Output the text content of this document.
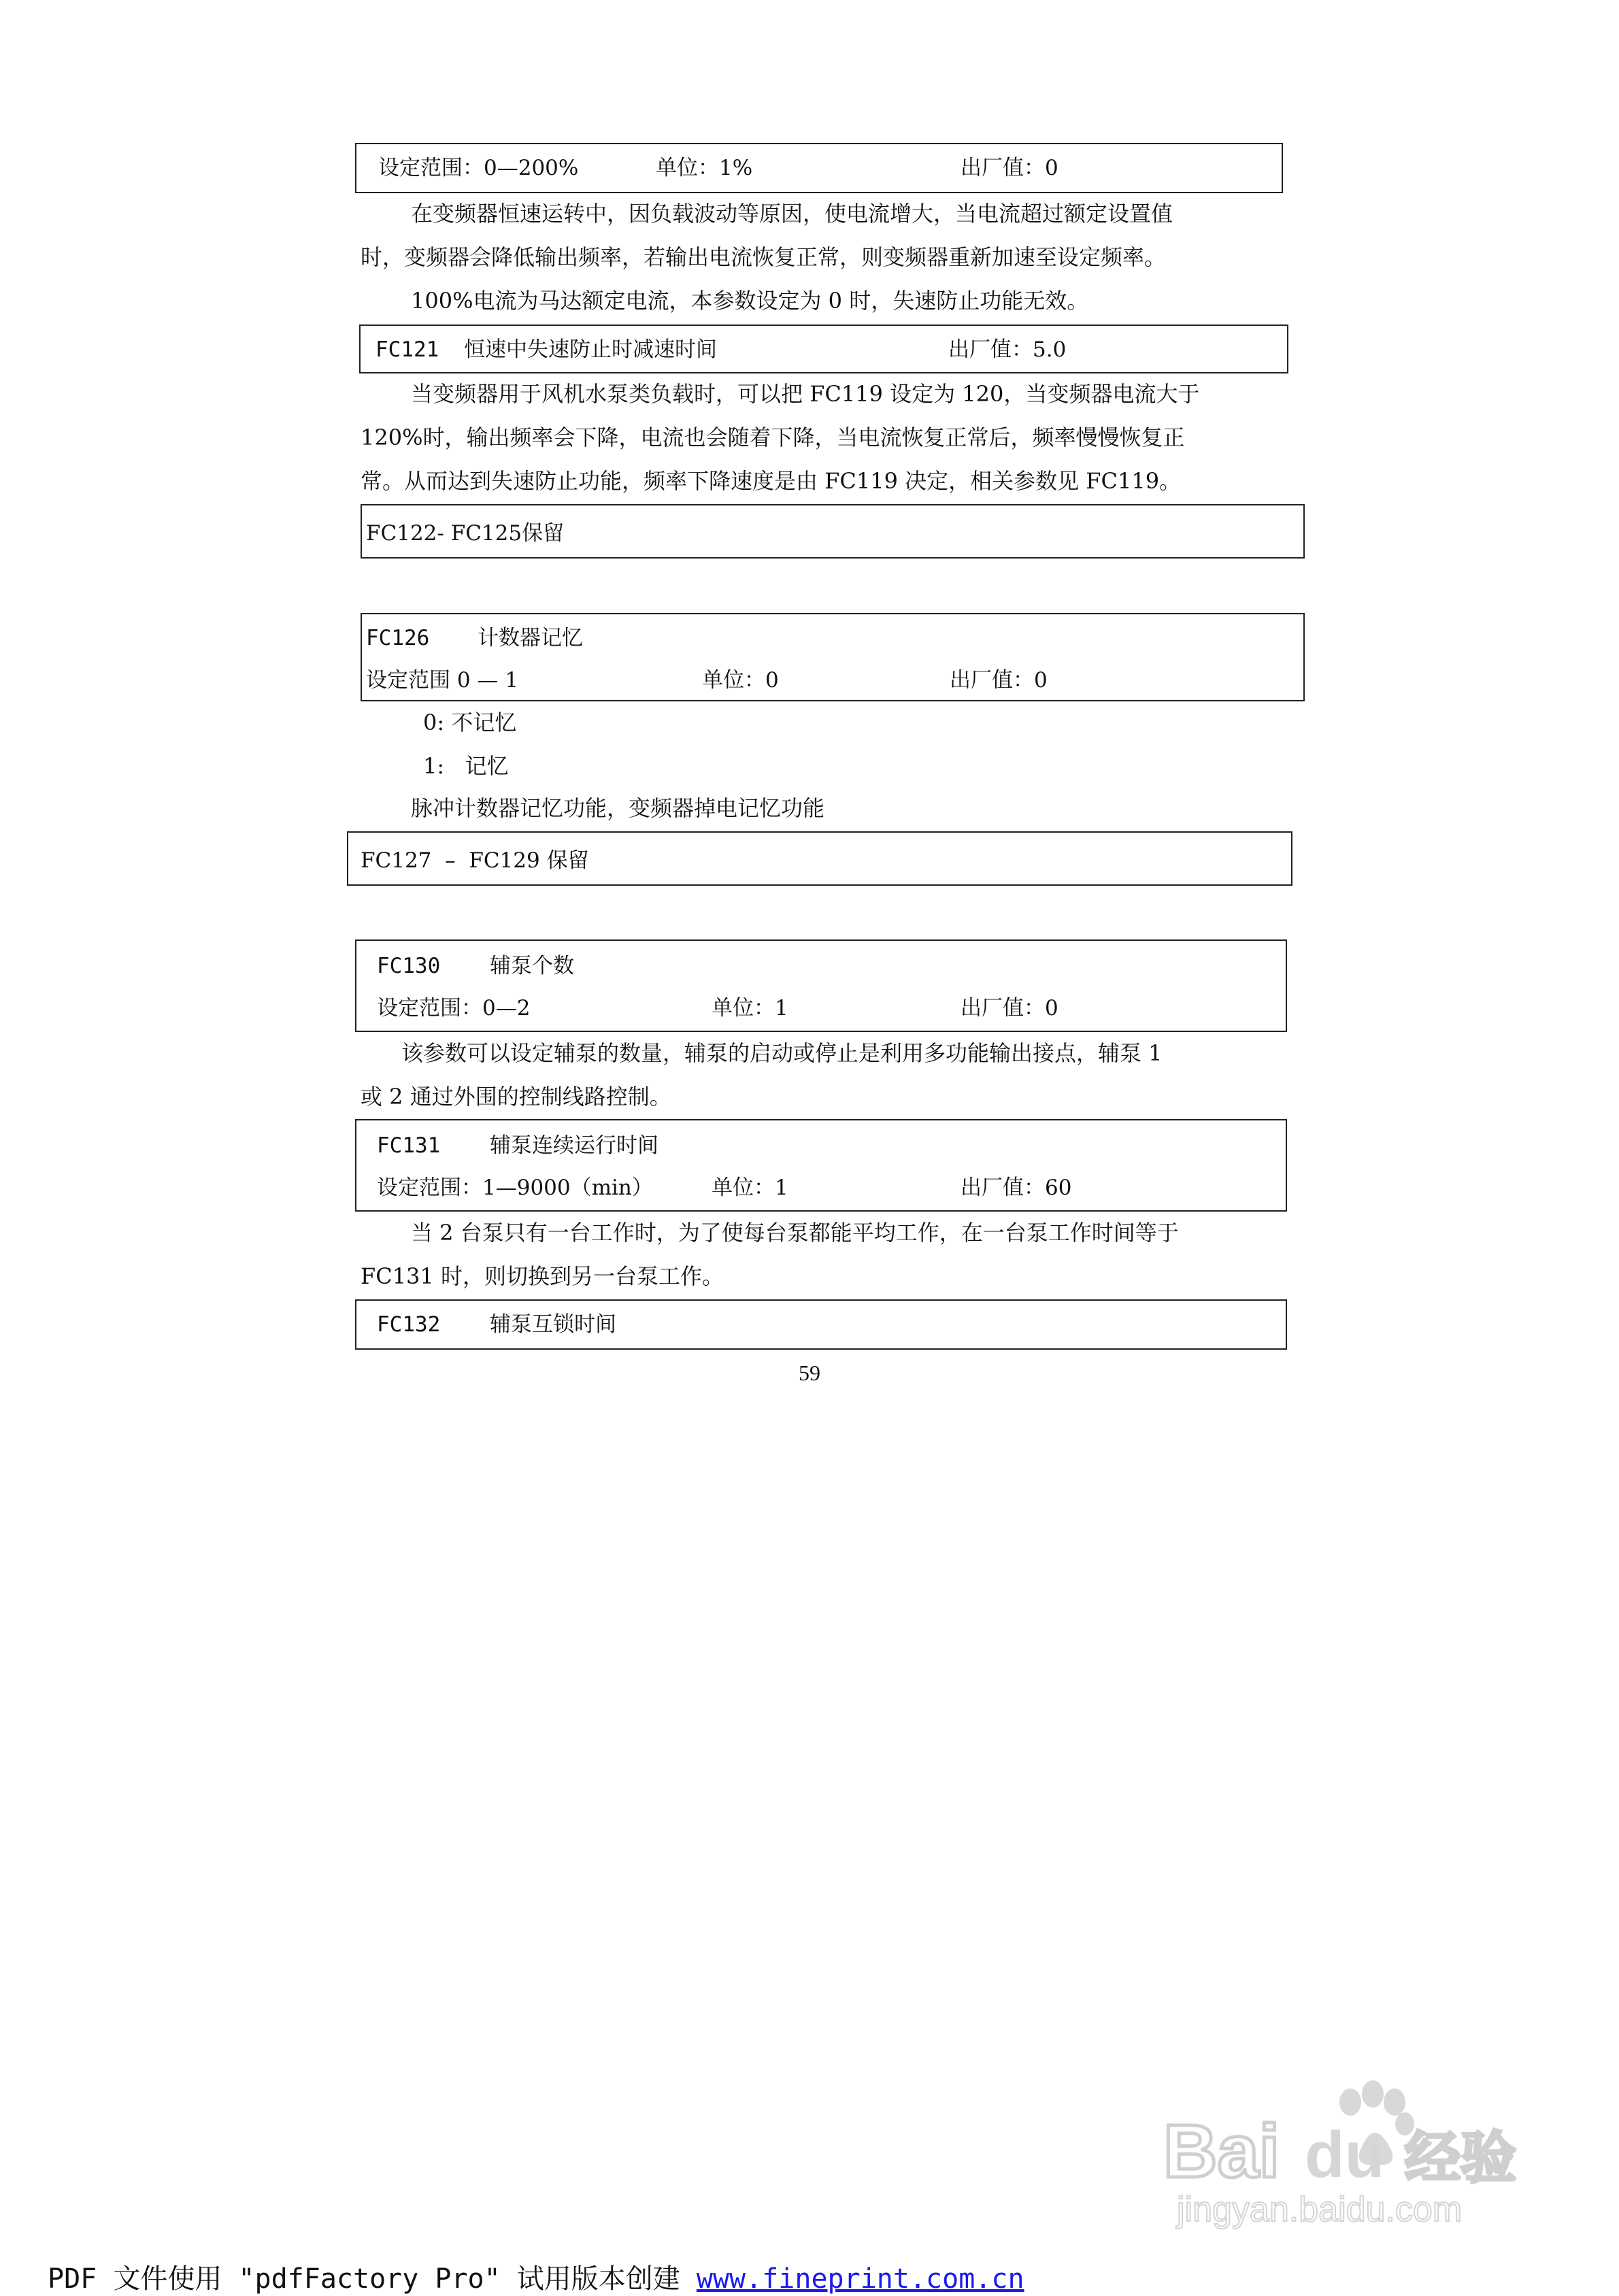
设定范围：0—200%	单位：1%	出厂值：0
在变频器恒速运转中，因负载波动等原因，使电流增大，当电流超过额定设置值
时，变频器会降低输出频率，若输出电流恢复正常，则变频器重新加速至设定频率。
100%电流为马达额定电流，本参数设定为 0 时，失速防止功能无效。
FC121 恒速中失速防止时减速时间	出厂值：5.0
当变频器用于风机水泵类负载时，可以把 FC119 设定为 120，当变频器电流大于
120%时，输出频率会下降，电流也会随着下降，当电流恢复正常后，频率慢慢恢复正
常。从而达到失速防止功能，频率下降速度是由 FC119 决定，相关参数见 FC119。
FC122- FC125保留
FC126 计数器记忆
设定范围 0 — 1	单位：0	出厂值：0
0: 不记忆
1:   记忆
脉冲计数器记忆功能，变频器掉电记忆功能
FC127  –  FC129 保留
FC130 辅泵个数
设定范围：0—2	单位：1	出厂值：0
该参数可以设定辅泵的数量，辅泵的启动或停止是利用多功能输出接点，辅泵 1
或 2 通过外围的控制线路控制。
FC131 辅泵连续运行时间
设定范围：1—9000（min）	单位：1	出厂值：60
当 2 台泵只有一台工作时，为了使每台泵都能平均工作，在一台泵工作时间等于
FC131 时，则切换到另一台泵工作。
FC132 辅泵互锁时间
59
Bai du 经验
jingyan.baidu.com
PDF 文件使用 "pdfFactory Pro" 试用版本创建 www.fineprint.com.cn
